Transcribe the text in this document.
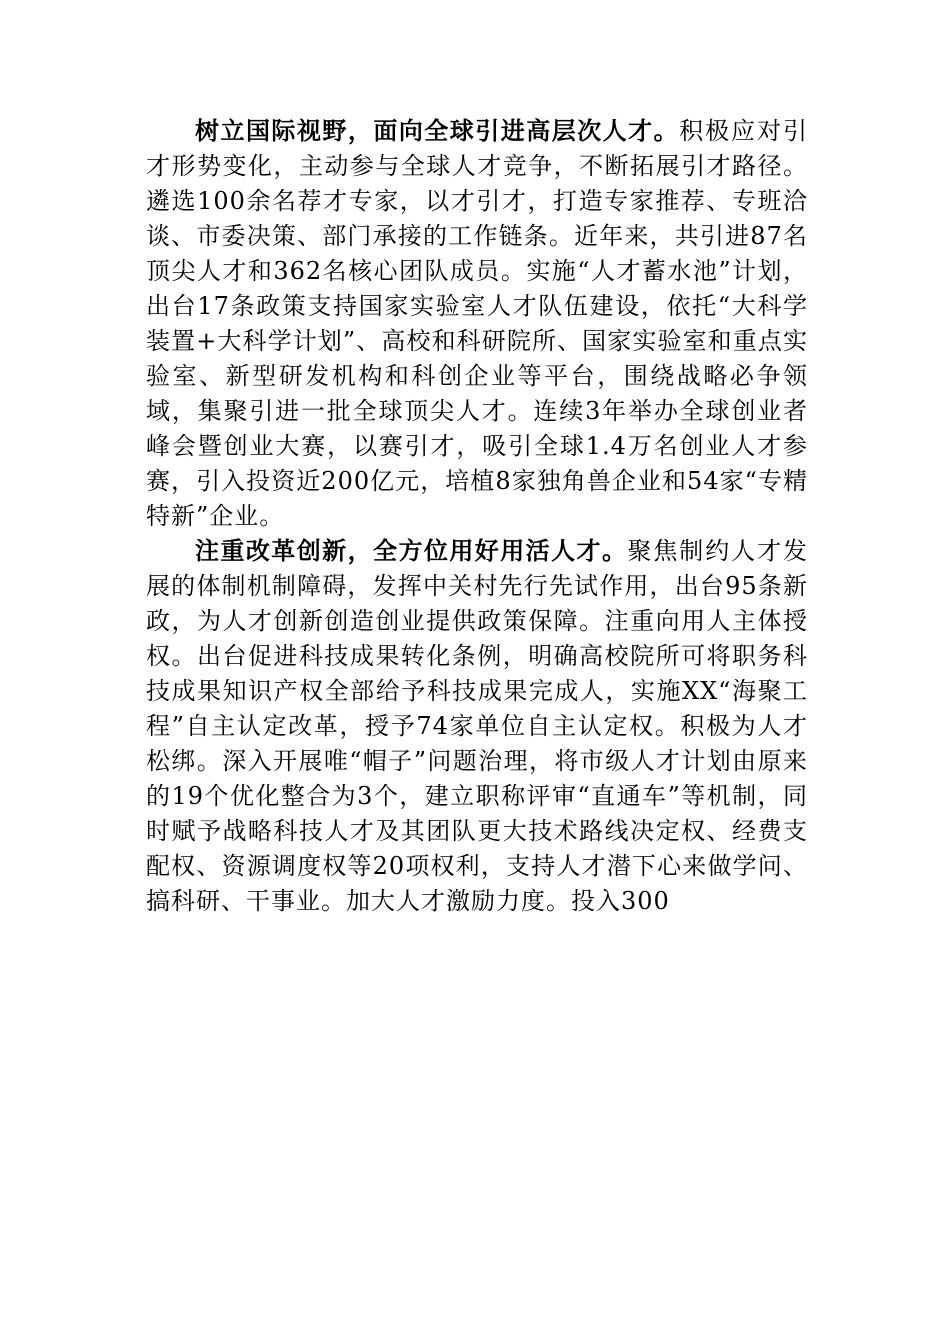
树立国际视野，面向全球引进高层次人才。积极应对引才形势变化，主动参与全球人才竞争，不断拓展引才路径。遴选100余名荐才专家，以才引才，打造专家推荐、专班洽谈、市委决策、部门承接的工作链条。近年来，共引进87名顶尖人才和362名核心团队成员。实施“人才蓄水池”计划，出台17条政策支持国家实验室人才队伍建设，依托“大科学装置+大科学计划”、高校和科研院所、国家实验室和重点实验室、新型研发机构和科创企业等平台，围绕战略必争领域，集聚引进一批全球顶尖人才。连续3年举办全球创业者峰会暨创业大赛，以赛引才，吸引全球1.4万名创业人才参赛，引入投资近200亿元，培植8家独角兽企业和54家“专精特新”企业。

注重改革创新，全方位用好用活人才。聚焦制约人才发展的体制机制障碍，发挥中关村先行先试作用，出台95条新政，为人才创新创造创业提供政策保障。注重向用人主体授权。出台促进科技成果转化条例，明确高校院所可将职务科技成果知识产权全部给予科技成果完成人，实施XX“海聚工程”自主认定改革，授予74家单位自主认定权。积极为人才松绑。深入开展唯“帽子”问题治理，将市级人才计划由原来的19个优化整合为3个，建立职称评审“直通车”等机制，同时赋予战略科技人才及其团队更大技术路线决定权、经费支配权、资源调度权等20项权利，支持人才潜下心来做学问、搞科研、干事业。加大人才激励力度。投入300
